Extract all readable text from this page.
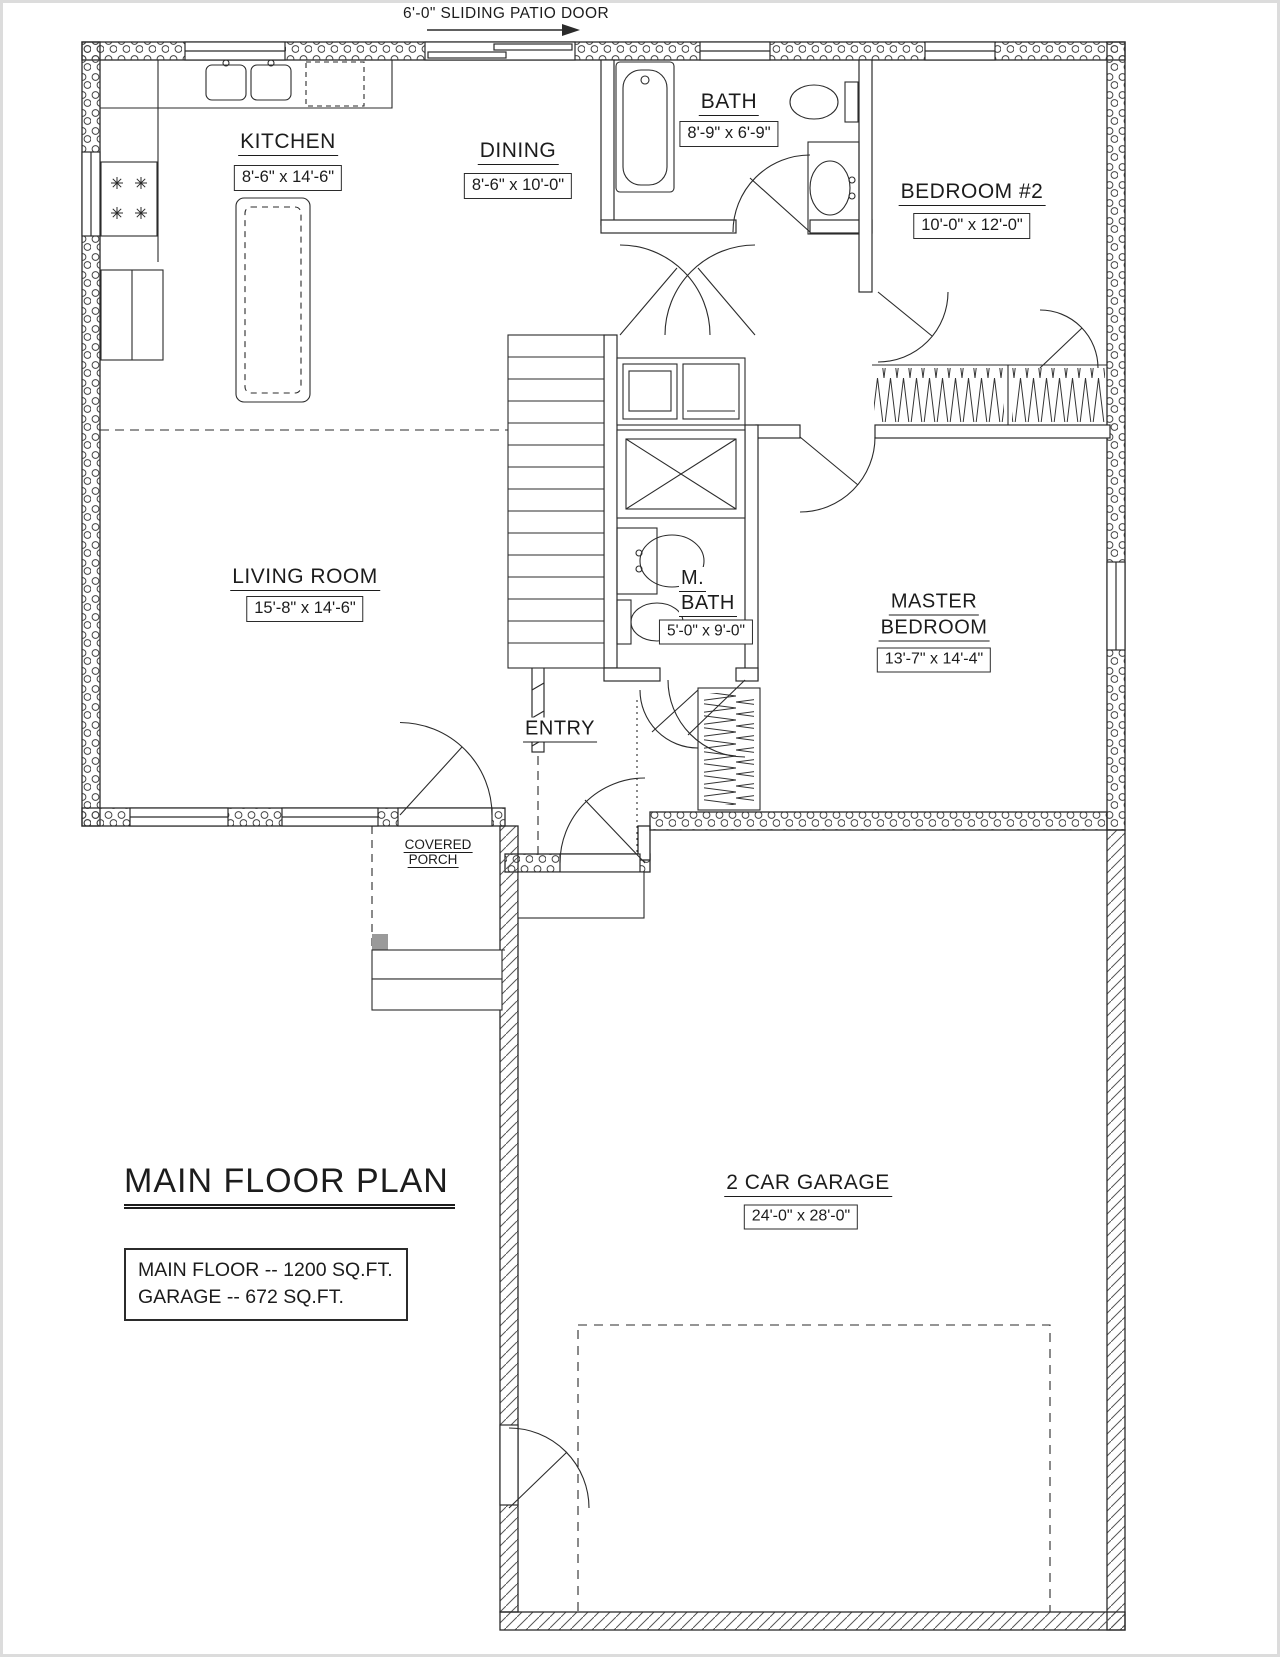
6'-0" SLIDING PATIO DOOR
KITCHEN
8'-6" x 14'-6"
DINING
8'-6" x 10'-0"
BATH
8'-9" x 6'-9"
BEDROOM #2
10'-0" x 12'-0"
LIVING ROOM
15'-8" x 14'-6"
M.
BATH
5'-0" x 9'-0"
MASTER
BEDROOM
13'-7" x 14'-4"
ENTRY
COVERED
PORCH
2 CAR GARAGE
24'-0" x 28'-0"
MAIN FLOOR PLAN
MAIN FLOOR -- 1200 SQ.FT.
GARAGE -- 672 SQ.FT.
